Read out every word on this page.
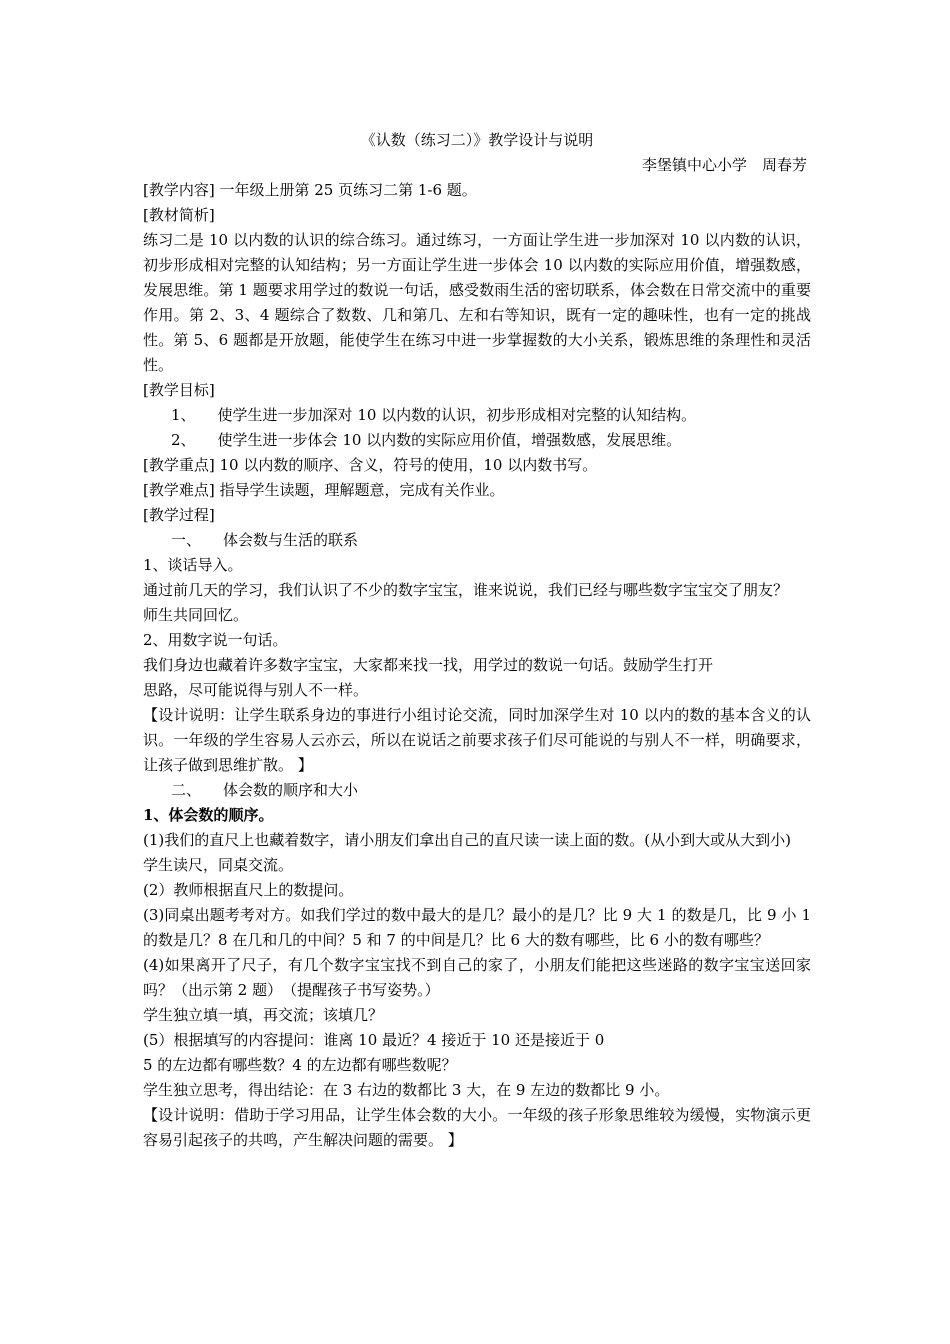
《认数（练习二）》教学设计与说明

李堡镇中心小学　周春芳

[教学内容] 一年级上册第 25 页练习二第 1-6 题。

[教材简析]

练习二是 10 以内数的认识的综合练习。通过练习，一方面让学生进一步加深对 10 以内数的认识，初步形成相对完整的认知结构；另一方面让学生进一步体会 10 以内数的实际应用价值，增强数感，发展思维。第 1 题要求用学过的数说一句话，感受数雨生活的密切联系，体会数在日常交流中的重要作用。第 2、3、4 题综合了数数、几和第几、左和右等知识，既有一定的趣味性，也有一定的挑战性。第 5、6 题都是开放题，能使学生在练习中进一步掌握数的大小关系，锻炼思维的条理性和灵活性。

[教学目标]

1、 使学生进一步加深对 10 以内数的认识，初步形成相对完整的认知结构。

2、 使学生进一步体会 10 以内数的实际应用价值，增强数感，发展思维。

[教学重点] 10 以内数的顺序、含义，符号的使用，10 以内数书写。

[教学难点] 指导学生读题，理解题意，完成有关作业。

[教学过程]

一、 体会数与生活的联系

1、谈话导入。

通过前几天的学习，我们认识了不少的数字宝宝，谁来说说，我们已经与哪些数字宝宝交了朋友？

师生共同回忆。

2、用数字说一句话。

我们身边也藏着许多数字宝宝，大家都来找一找，用学过的数说一句话。鼓励学生打开

思路，尽可能说得与别人不一样。

【设计说明：让学生联系身边的事进行小组讨论交流，同时加深学生对 10 以内的数的基本含义的认识。一年级的学生容易人云亦云，所以在说话之前要求孩子们尽可能说的与别人不一样，明确要求，让孩子做到思维扩散。 】

二、 体会数的顺序和大小

1、体会数的顺序。

(1)我们的直尺上也藏着数字，请小朋友们拿出自己的直尺读一读上面的数。(从小到大或从大到小)

学生读尺，同桌交流。

(2）教师根据直尺上的数提问。

(3)同桌出题考考对方。如我们学过的数中最大的是几？最小的是几？比 9 大 1 的数是几，比 9 小 1 的数是几？8 在几和几的中间？5 和 7 的中间是几？比 6 大的数有哪些，比 6 小的数有哪些？

(4)如果离开了尺子，有几个数字宝宝找不到自己的家了，小朋友们能把这些迷路的数字宝宝送回家吗？（出示第 2 题）　（提醒孩子书写姿势。）

学生独立填一填，再交流；该填几？

(5）根据填写的内容提问：谁离 10 最近？4 接近于 10 还是接近于 0

5 的左边都有哪些数？4 的左边都有哪些数呢？

学生独立思考，得出结论：在 3 右边的数都比 3 大，在 9 左边的数都比 9 小。

【设计说明：借助于学习用品，让学生体会数的大小。一年级的孩子形象思维较为缓慢，实物演示更容易引起孩子的共鸣，产生解决问题的需要。 】
